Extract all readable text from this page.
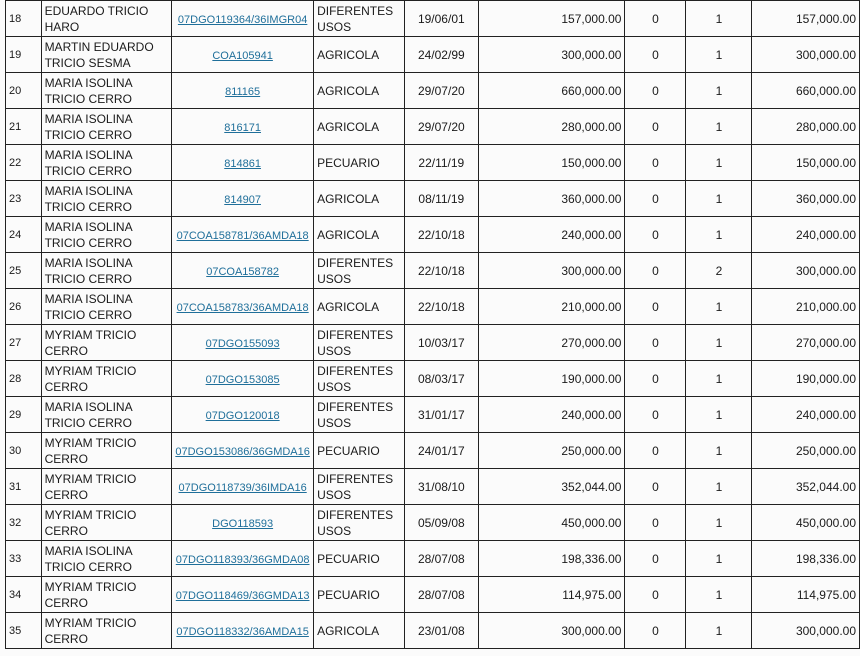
18	EDUARDO TRICIO HARO	07DGO119364/36IMGR04	DIFERENTES USOS	19/06/01	157,000.00	0	1	157,000.00
19	MARTIN EDUARDO TRICIO SESMA	COA105941	AGRICOLA	24/02/99	300,000.00	0	1	300,000.00
20	MARIA ISOLINA TRICIO CERRO	811165	AGRICOLA	29/07/20	660,000.00	0	1	660,000.00
21	MARIA ISOLINA TRICIO CERRO	816171	AGRICOLA	29/07/20	280,000.00	0	1	280,000.00
22	MARIA ISOLINA TRICIO CERRO	814861	PECUARIO	22/11/19	150,000.00	0	1	150,000.00
23	MARIA ISOLINA TRICIO CERRO	814907	AGRICOLA	08/11/19	360,000.00	0	1	360,000.00
24	MARIA ISOLINA TRICIO CERRO	07COA158781/36AMDA18	AGRICOLA	22/10/18	240,000.00	0	1	240,000.00
25	MARIA ISOLINA TRICIO CERRO	07COA158782	DIFERENTES USOS	22/10/18	300,000.00	0	2	300,000.00
26	MARIA ISOLINA TRICIO CERRO	07COA158783/36AMDA18	AGRICOLA	22/10/18	210,000.00	0	1	210,000.00
27	MYRIAM TRICIO CERRO	07DGO155093	DIFERENTES USOS	10/03/17	270,000.00	0	1	270,000.00
28	MYRIAM TRICIO CERRO	07DGO153085	DIFERENTES USOS	08/03/17	190,000.00	0	1	190,000.00
29	MARIA ISOLINA TRICIO CERRO	07DGO120018	DIFERENTES USOS	31/01/17	240,000.00	0	1	240,000.00
30	MYRIAM TRICIO CERRO	07DGO153086/36GMDA16	PECUARIO	24/01/17	250,000.00	0	1	250,000.00
31	MYRIAM TRICIO CERRO	07DGO118739/36IMDA16	DIFERENTES USOS	31/08/10	352,044.00	0	1	352,044.00
32	MYRIAM TRICIO CERRO	DGO118593	DIFERENTES USOS	05/09/08	450,000.00	0	1	450,000.00
33	MARIA ISOLINA TRICIO CERRO	07DGO118393/36GMDA08	PECUARIO	28/07/08	198,336.00	0	1	198,336.00
34	MYRIAM TRICIO CERRO	07DGO118469/36GMDA13	PECUARIO	28/07/08	114,975.00	0	1	114,975.00
35	MYRIAM TRICIO CERRO	07DGO118332/36AMDA15	AGRICOLA	23/01/08	300,000.00	0	1	300,000.00
